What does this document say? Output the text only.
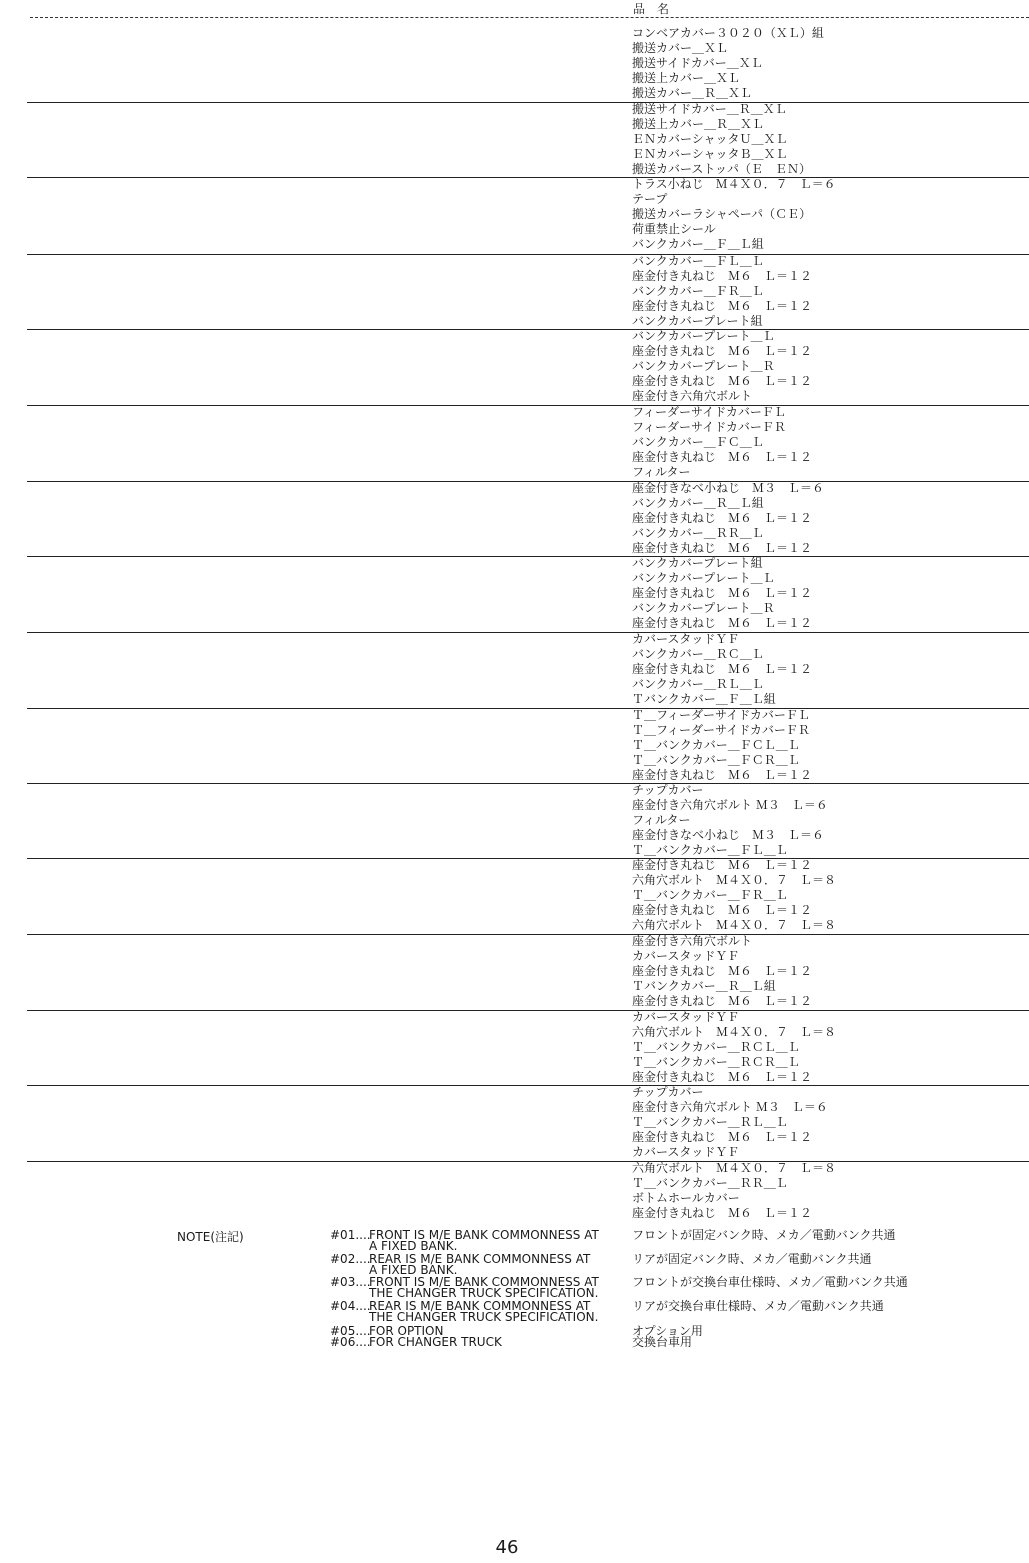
品　名
コンベアカバー３０２０（ＸＬ）組
搬送カバー＿ＸＬ
搬送サイドカバー＿ＸＬ
搬送上カバー＿ＸＬ
搬送カバー＿Ｒ＿ＸＬ
搬送サイドカバー＿Ｒ＿ＸＬ
搬送上カバー＿Ｒ＿ＸＬ
ＥＮカバーシャッタＵ＿ＸＬ
ＥＮカバーシャッタＢ＿ＸＬ
搬送カバーストッパ（Ｅ　ＥＮ）
トラス小ねじ　Ｍ４Ｘ０．７　Ｌ＝６
テープ
搬送カバーラシャペーパ（ＣＥ）
荷重禁止シール
バンクカバー＿Ｆ＿Ｌ組
バンクカバー＿ＦＬ＿Ｌ
座金付き丸ねじ　Ｍ６　Ｌ＝１２
バンクカバー＿ＦＲ＿Ｌ
座金付き丸ねじ　Ｍ６　Ｌ＝１２
バンクカバープレート組
バンクカバープレート＿Ｌ
座金付き丸ねじ　Ｍ６　Ｌ＝１２
バンクカバープレート＿Ｒ
座金付き丸ねじ　Ｍ６　Ｌ＝１２
座金付き六角穴ボルト
フィーダーサイドカバーＦＬ
フィーダーサイドカバーＦＲ
バンクカバー＿ＦＣ＿Ｌ
座金付き丸ねじ　Ｍ６　Ｌ＝１２
フィルター
座金付きなべ小ねじ　Ｍ３　Ｌ＝６
バンクカバー＿Ｒ＿Ｌ組
座金付き丸ねじ　Ｍ６　Ｌ＝１２
バンクカバー＿ＲＲ＿Ｌ
座金付き丸ねじ　Ｍ６　Ｌ＝１２
バンクカバープレート組
バンクカバープレート＿Ｌ
座金付き丸ねじ　Ｍ６　Ｌ＝１２
バンクカバープレート＿Ｒ
座金付き丸ねじ　Ｍ６　Ｌ＝１２
カバースタッドＹＦ
バンクカバー＿ＲＣ＿Ｌ
座金付き丸ねじ　Ｍ６　Ｌ＝１２
バンクカバー＿ＲＬ＿Ｌ
Ｔバンクカバー＿Ｆ＿Ｌ組
Ｔ＿フィーダーサイドカバーＦＬ
Ｔ＿フィーダーサイドカバーＦＲ
Ｔ＿バンクカバー＿ＦＣＬ＿Ｌ
Ｔ＿バンクカバー＿ＦＣＲ＿Ｌ
座金付き丸ねじ　Ｍ６　Ｌ＝１２
チップカバー
座金付き六角穴ボルト Ｍ３　Ｌ＝６
フィルター
座金付きなべ小ねじ　Ｍ３　Ｌ＝６
Ｔ＿バンクカバー＿ＦＬ＿Ｌ
座金付き丸ねじ　Ｍ６　Ｌ＝１２
六角穴ボルト　Ｍ４Ｘ０．７　Ｌ＝８
Ｔ＿バンクカバー＿ＦＲ＿Ｌ
座金付き丸ねじ　Ｍ６　Ｌ＝１２
六角穴ボルト　Ｍ４Ｘ０．７　Ｌ＝８
座金付き六角穴ボルト
カバースタッドＹＦ
座金付き丸ねじ　Ｍ６　Ｌ＝１２
Ｔバンクカバー＿Ｒ＿Ｌ組
座金付き丸ねじ　Ｍ６　Ｌ＝１２
カバースタッドＹＦ
六角穴ボルト　Ｍ４Ｘ０．７　Ｌ＝８
Ｔ＿バンクカバー＿ＲＣＬ＿Ｌ
Ｔ＿バンクカバー＿ＲＣＲ＿Ｌ
座金付き丸ねじ　Ｍ６　Ｌ＝１２
チップカバー
座金付き六角穴ボルト Ｍ３　Ｌ＝６
Ｔ＿バンクカバー＿ＲＬ＿Ｌ
座金付き丸ねじ　Ｍ６　Ｌ＝１２
カバースタッドＹＦ
六角穴ボルト　Ｍ４Ｘ０．７　Ｌ＝８
Ｔ＿バンクカバー＿ＲＲ＿Ｌ
ボトムホールカバー
座金付き丸ねじ　Ｍ６　Ｌ＝１２
NOTE(注記)	#01....
FRONT IS M/E BANK COMMONNESS AT
A FIXED BANK.
フロントが固定バンク時、メカ／電動バンク共通
#02....
REAR IS M/E BANK COMMONNESS AT
A FIXED BANK.
リアが固定バンク時、メカ／電動バンク共通
#03....
FRONT IS M/E BANK COMMONNESS AT
THE CHANGER TRUCK SPECIFICATION.
フロントが交換台車仕様時、メカ／電動バンク共通
#04....
REAR IS M/E BANK COMMONNESS AT
THE CHANGER TRUCK SPECIFICATION.
リアが交換台車仕様時、メカ／電動バンク共通
#05....
FOR OPTION	オプション用
#06....
FOR CHANGER TRUCK	交換台車用
46
